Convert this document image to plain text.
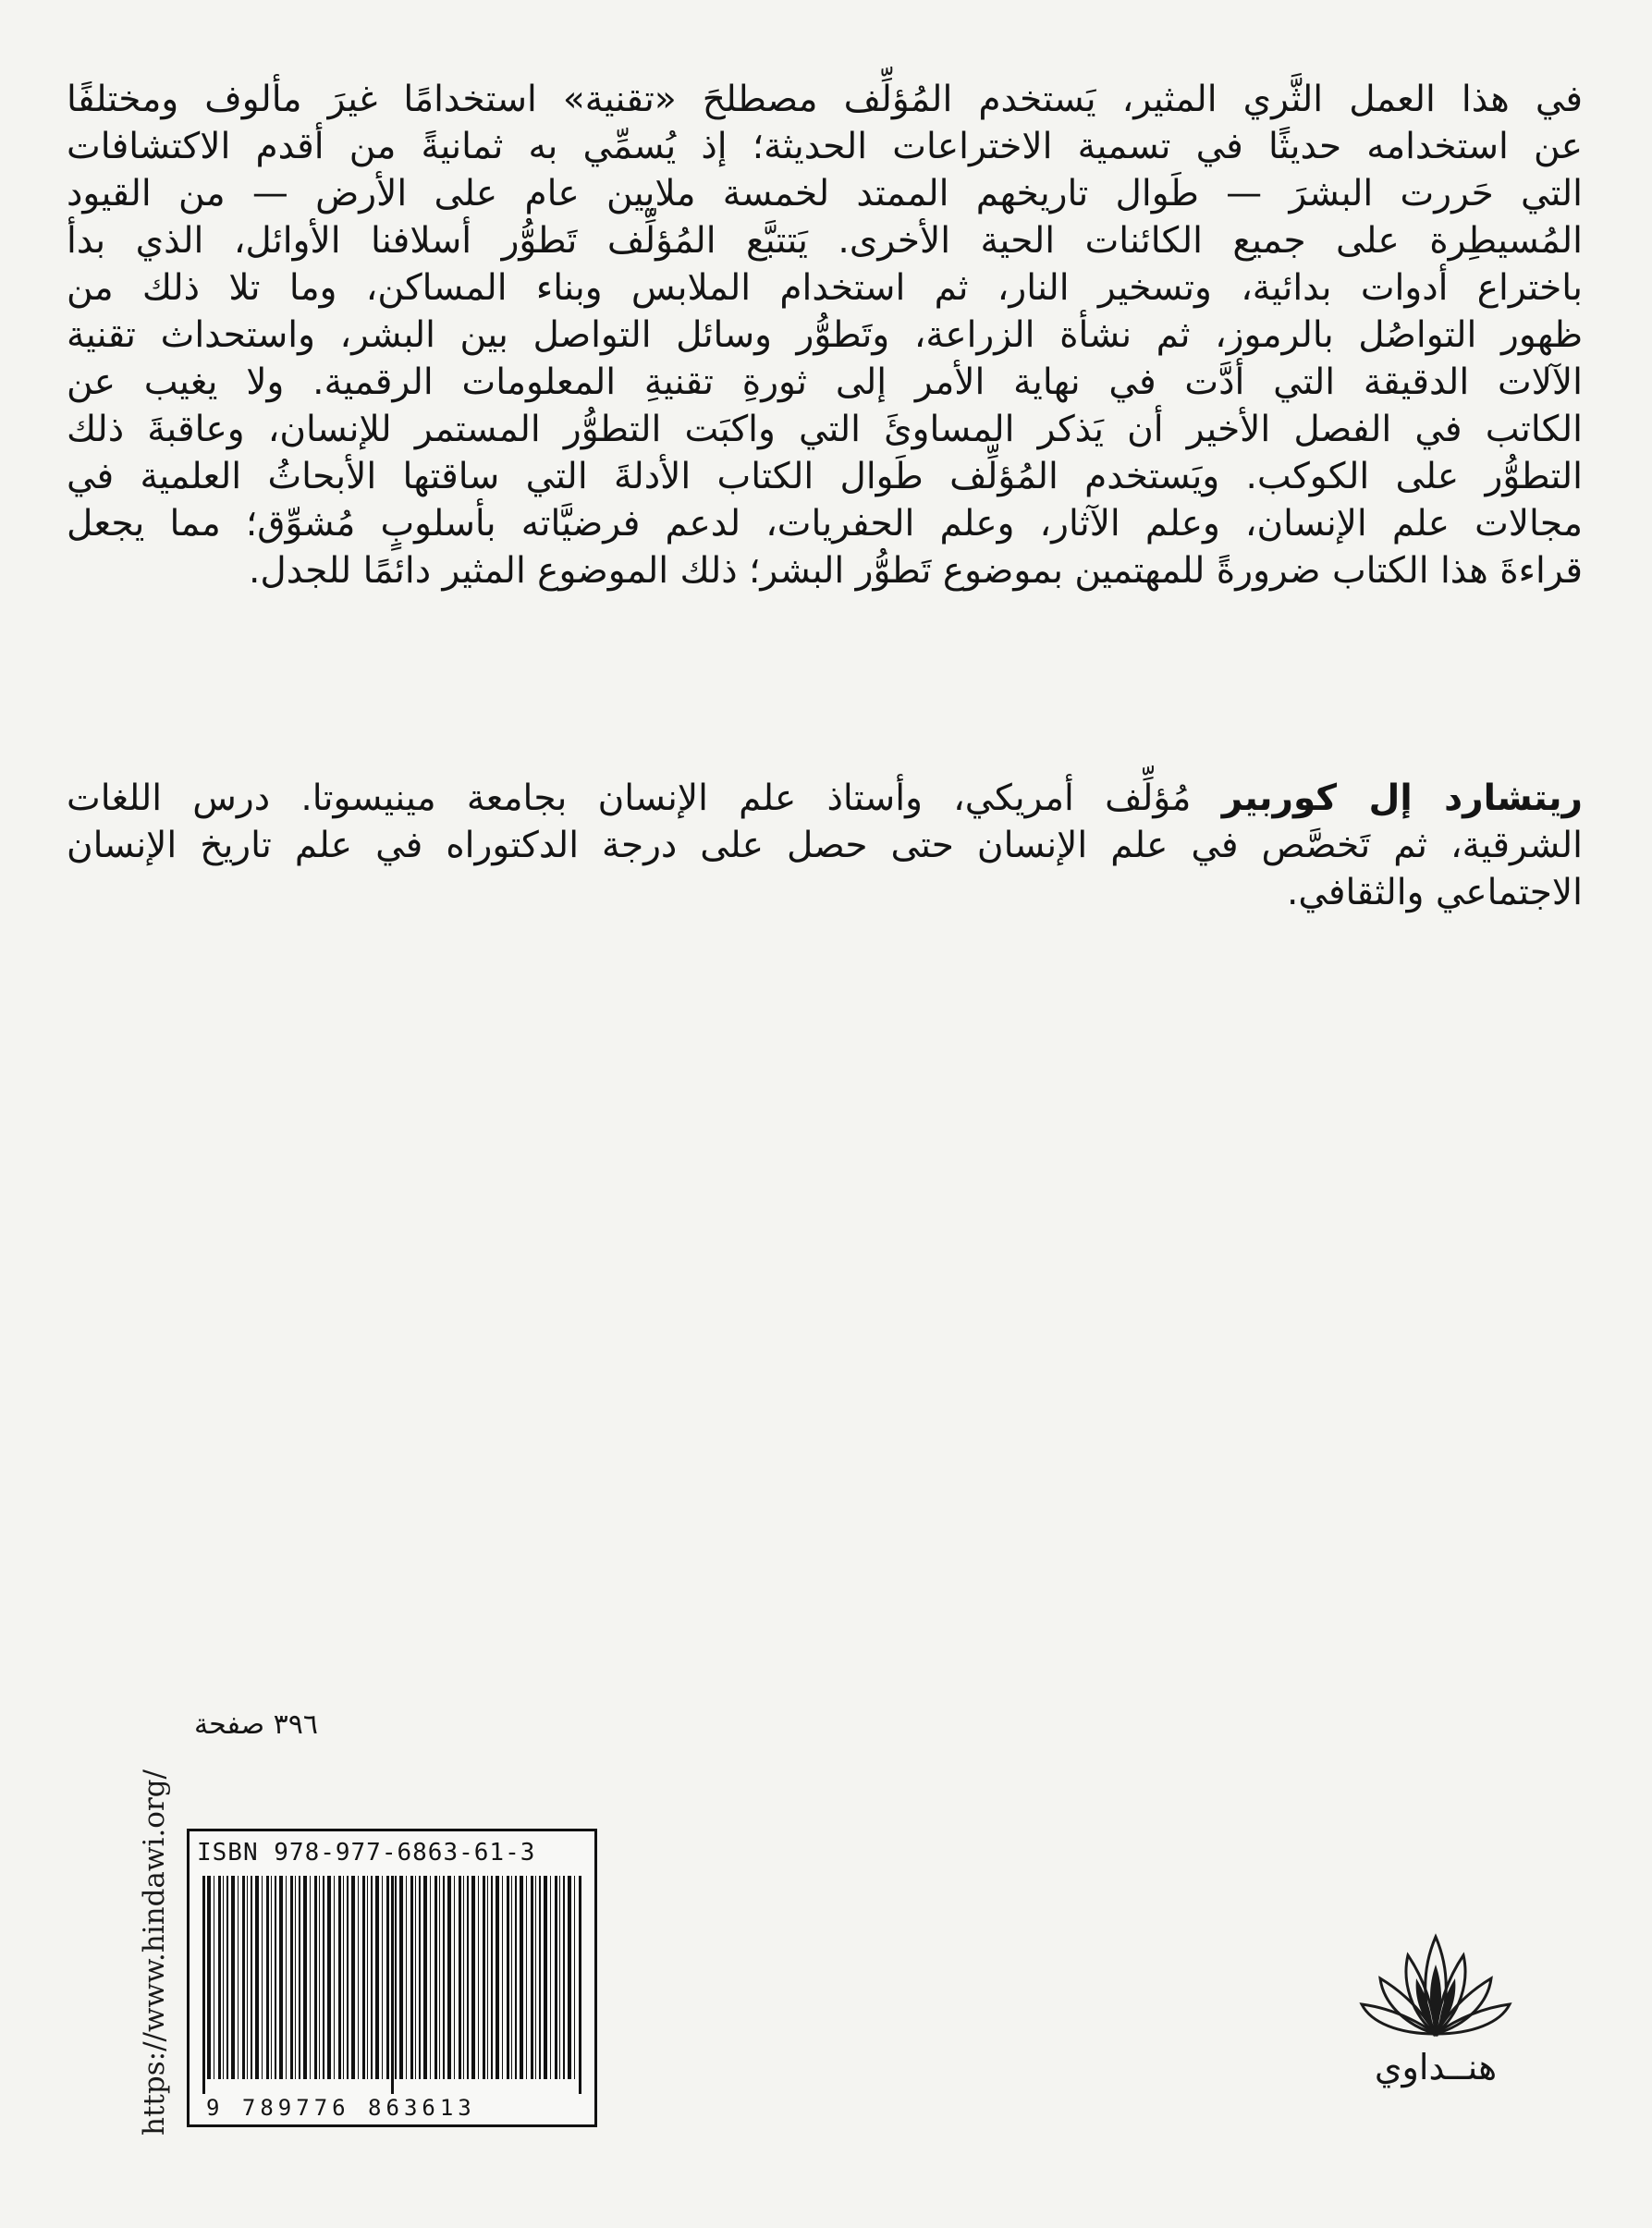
في هذا العمل الثَّري المثير، يَستخدم المُؤلِّف مصطلحَ «تقنية» استخدامًا غيرَ مألوف ومختلفًا
عن استخدامه حديثًا في تسمية الاختراعات الحديثة؛ إذ يُسمِّي به ثمانيةً من أقدم الاكتشافات
التي حَررت البشرَ — طَوال تاريخهم الممتد لخمسة ملايين عام على الأرض — من القيود
المُسيطِرة على جميع الكائنات الحية الأخرى. يَتتبَّع المُؤلِّف تَطوُّر أسلافنا الأوائل، الذي بدأ
باختراع أدوات بدائية، وتسخير النار، ثم استخدام الملابس وبناء المساكن، وما تلا ذلك من
ظهور التواصُل بالرموز، ثم نشأة الزراعة، وتَطوُّر وسائل التواصل بين البشر، واستحداث تقنية
الآلات الدقيقة التي أدَّت في نهاية الأمر إلى ثورةِ تقنيةِ المعلومات الرقمية. ولا يغيب عن
الكاتب في الفصل الأخير أن يَذكر المساوئَ التي واكبَت التطوُّر المستمر للإنسان، وعاقبةَ ذلك
التطوُّر على الكوكب. ويَستخدم المُؤلِّف طَوال الكتاب الأدلةَ التي ساقتها الأبحاثُ العلمية في
مجالات علم الإنسان، وعلم الآثار، وعلم الحفريات، لدعم فرضيَّاته بأسلوبٍ مُشوِّق؛ مما يجعل
قراءةَ هذا الكتاب ضرورةً للمهتمين بموضوع تَطوُّر البشر؛ ذلك الموضوع المثير دائمًا للجدل.
ريتشارد إل كوربير مُؤلِّف أمريكي، وأستاذ علم الإنسان بجامعة مينيسوتا. درس اللغات
الشرقية، ثم تَخصَّص في علم الإنسان حتى حصل على درجة الدكتوراه في علم تاريخ الإنسان
الاجتماعي والثقافي.
https://www.hindawi.org/
٣٩٦ صفحة
ISBN 978-977-6863-61-3
9 789776 863613
هنــداوي
